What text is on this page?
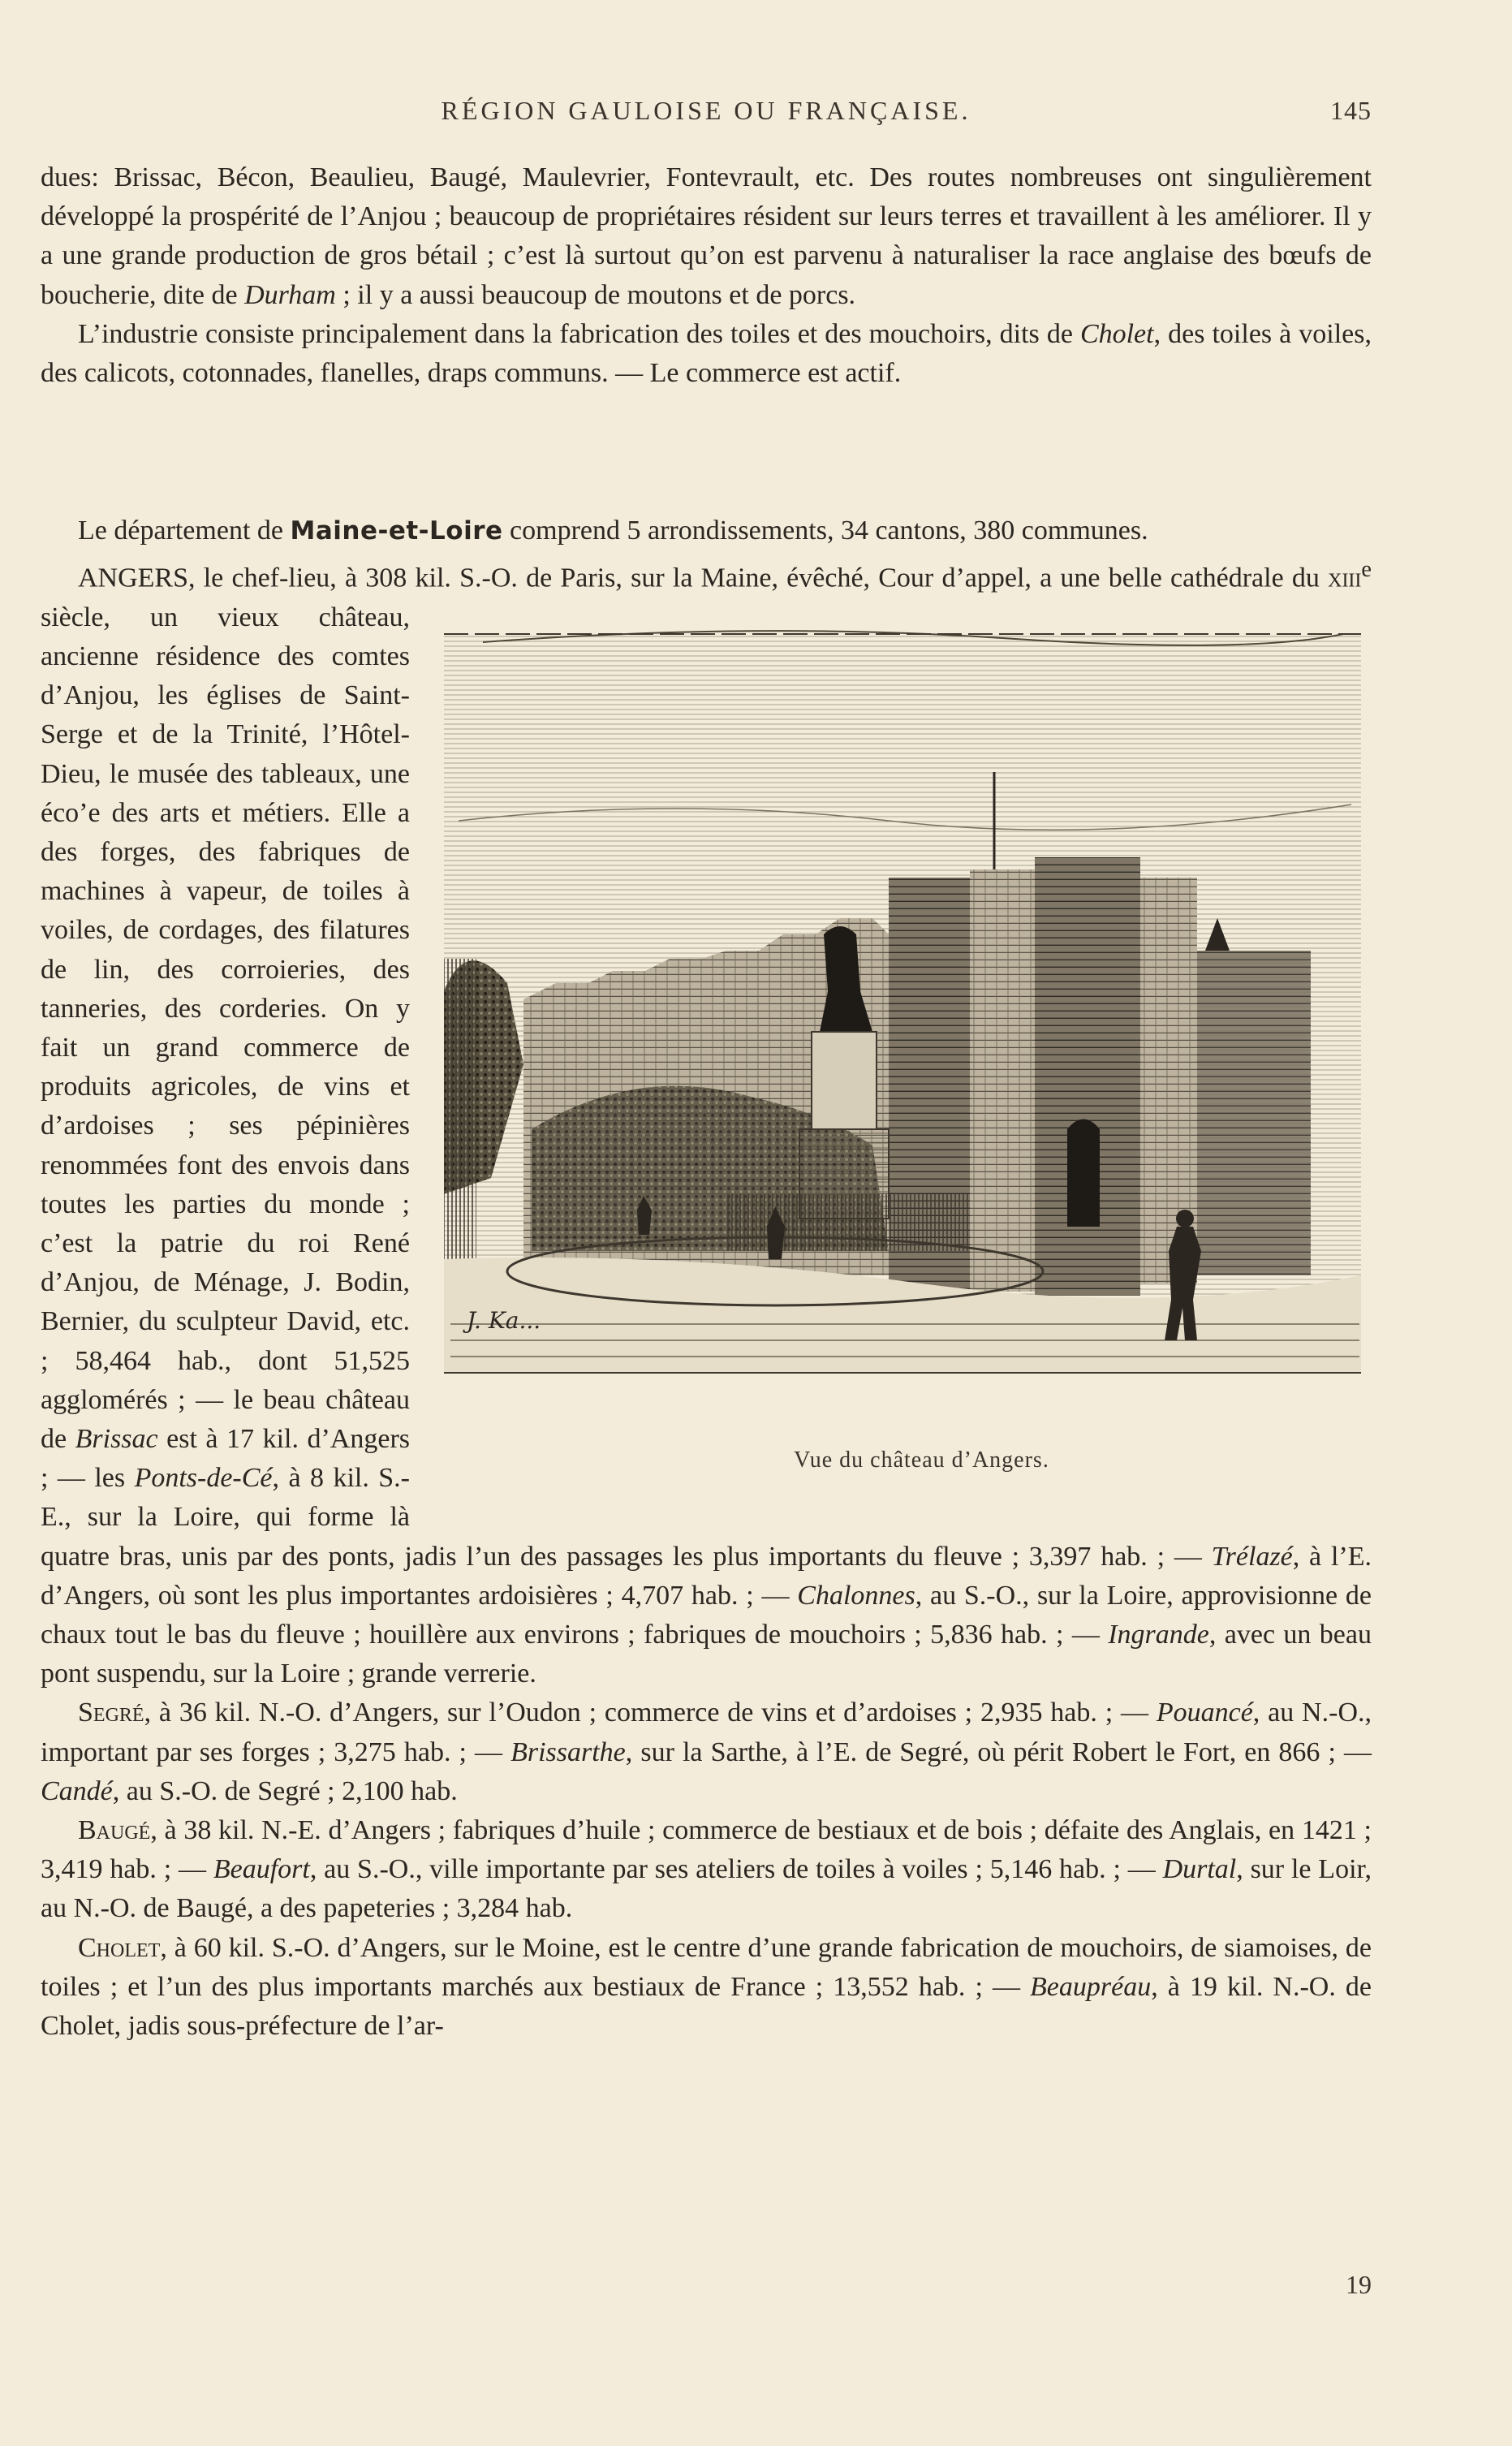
RÉGION GAULOISE OU FRANÇAISE.	145

dues: Brissac, Bécon, Beaulieu, Baugé, Maulevrier, Fontevrault, etc. Des routes nombreuses ont singulièrement développé la prospérité de l’Anjou ; beaucoup de propriétaires résident sur leurs terres et travaillent à les améliorer. Il y a une grande production de gros bétail ; c’est là surtout qu’on est parvenu à naturaliser la race anglaise des bœufs de boucherie, dite de Durham ; il y a aussi beaucoup de moutons et de porcs.

L’industrie consiste principalement dans la fabrication des toiles et des mouchoirs, dits de Cholet, des toiles à voiles, des calicots, cotonnades, flanelles, draps communs. — Le commerce est actif.

Le département de Maine-et-Loire comprend 5 arrondissements, 34 cantons, 380 communes.

ANGERS, le chef-lieu, à 308 kil. S.-O. de Paris, sur la Maine, évêché, Cour d’appel, a une belle cathédrale du xiii$^e$
J. Ka...
Vue du château d’Angers.
siècle, un vieux château, ancienne résidence des comtes d’Anjou, les églises de Saint-Serge et de la Trinité, l’Hôtel-Dieu, le musée des tableaux, une éco’e des arts et métiers. Elle a des forges, des fabriques de machines à vapeur, de toiles à voiles, de cordages, des filatures de lin, des corroieries, des tanneries, des corderies. On y fait un grand commerce de produits agricoles, de vins et d’ardoises ; ses pépinières renommées font des envois dans toutes les parties du monde ; c’est la patrie du roi René d’Anjou, de Ménage, J. Bodin, Bernier, du sculpteur David, etc. ; 58,464 hab., dont 51,525 agglomérés ; — le beau château de Brissac est à 17 kil. d’Angers ; — les Ponts-de-Cé, à 8 kil. S.-E., sur la Loire, qui forme là quatre bras, unis par des ponts, jadis l’un des passages les plus importants du fleuve ; 3,397 hab. ; — Trélazé, à l’E. d’Angers, où sont les plus importantes ardoisières ; 4,707 hab. ; — Chalonnes, au S.-O., sur la Loire, approvisionne de chaux tout le bas du fleuve ; houillère aux environs ; fabriques de mouchoirs ; 5,836 hab. ; — Ingrande, avec un beau pont suspendu, sur la Loire ; grande verrerie.

Segré, à 36 kil. N.-O. d’Angers, sur l’Oudon ; commerce de vins et d’ardoises ; 2,935 hab. ; — Pouancé, au N.-O., important par ses forges ; 3,275 hab. ; — Brissarthe, sur la Sarthe, à l’E. de Segré, où périt Robert le Fort, en 866 ; — Candé, au S.-O. de Segré ; 2,100 hab.

Baugé, à 38 kil. N.-E. d’Angers ; fabriques d’huile ; commerce de bestiaux et de bois ; défaite des Anglais, en 1421 ; 3,419 hab. ; — Beaufort, au S.-O., ville importante par ses ateliers de toiles à voiles ; 5,146 hab. ; — Durtal, sur le Loir, au N.-O. de Baugé, a des papeteries ; 3,284 hab.

Cholet, à 60 kil. S.-O. d’Angers, sur le Moine, est le centre d’une grande fabrication de mouchoirs, de siamoises, de toiles ; et l’un des plus importants marchés aux bestiaux de France ; 13,552 hab. ; — Beaupréau, à 19 kil. N.-O. de Cholet, jadis sous-préfecture de l’ar-

19
